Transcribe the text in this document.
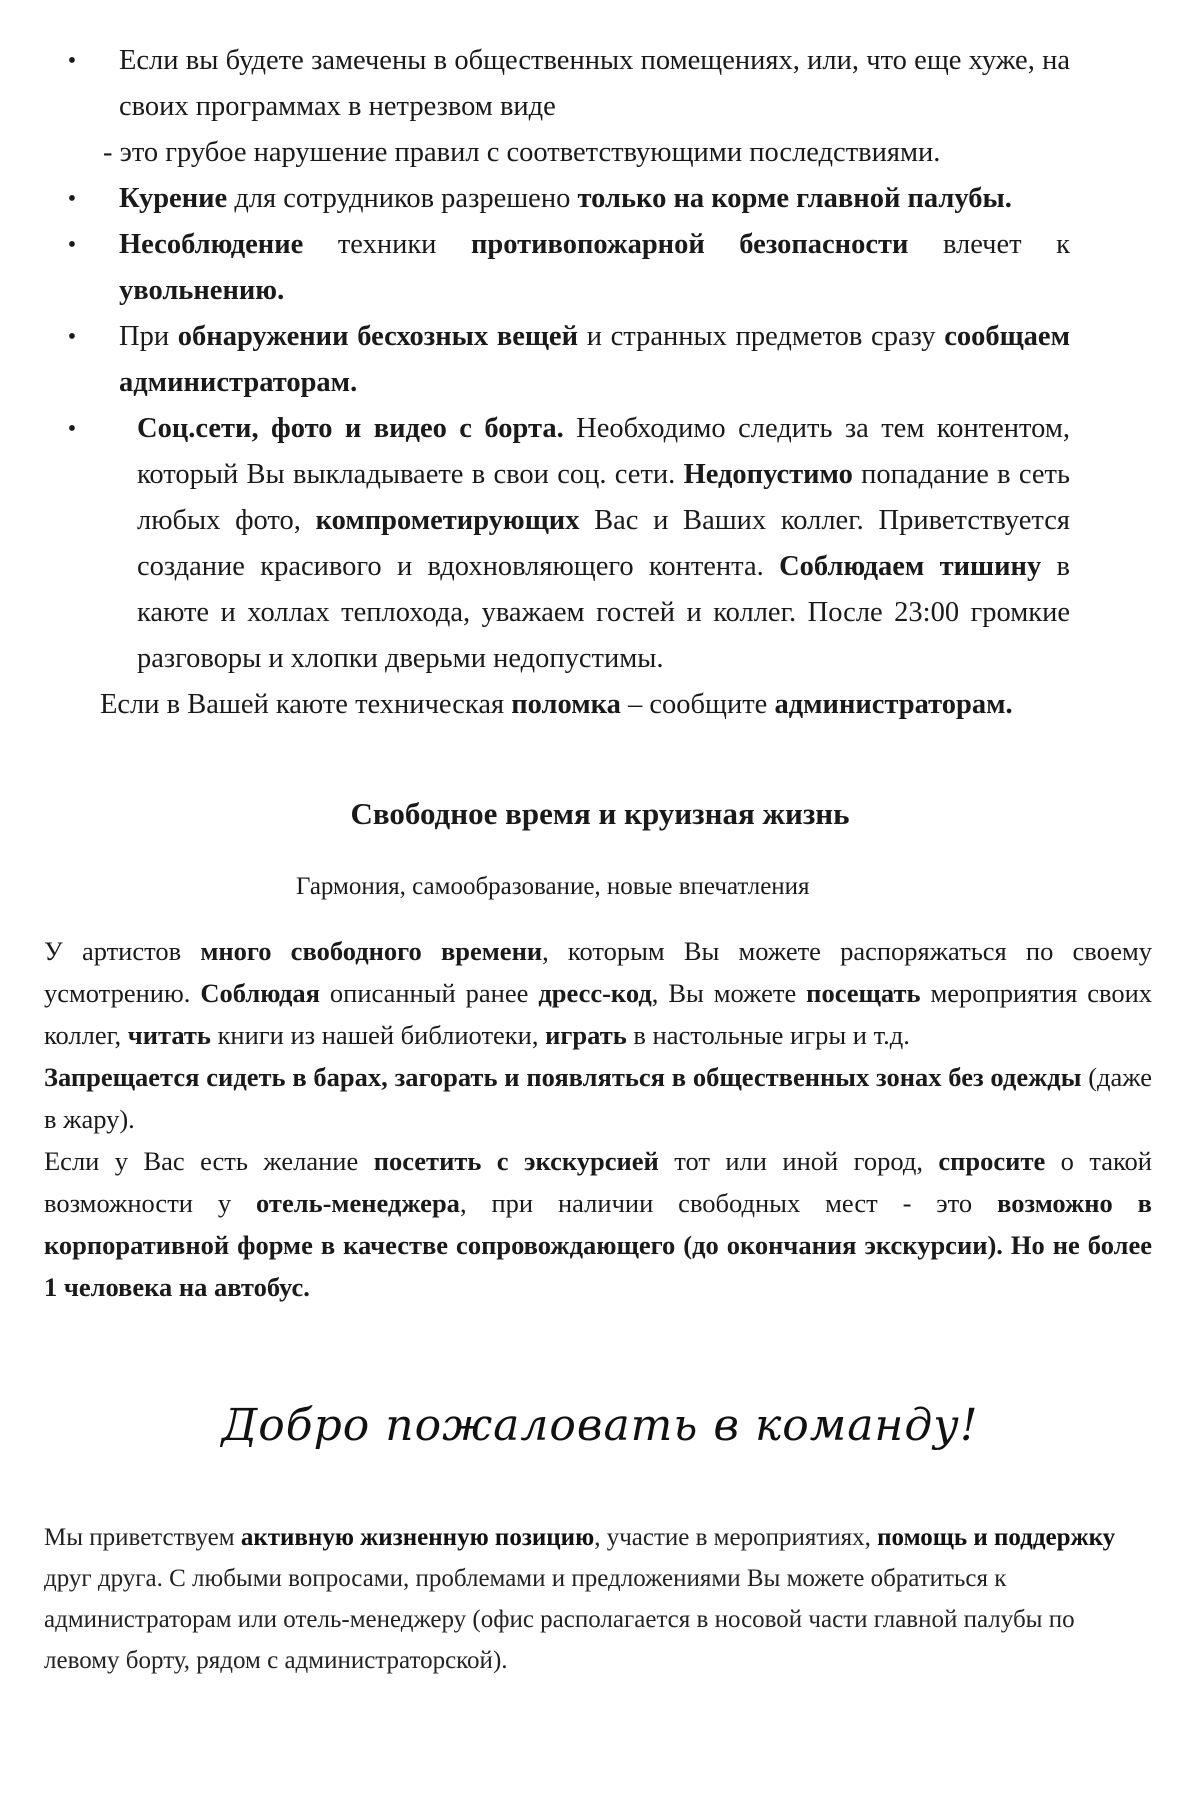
•	Если вы будете замечены в общественных помещениях, или, что еще хуже, на своих программах в нетрезвом виде
- это грубое нарушение правил с соответствующими последствиями.
• Курение для сотрудников разрешено только на корме главной палубы.
• Несоблюдение техники противопожарной безопасности влечет к увольнению.
• При обнаружении бесхозных вещей и странных предметов сразу сообщаем администраторам.
• Соц.сети, фото и видео с борта. Необходимо следить за тем контентом, который Вы выкладываете в свои соц. сети. Недопустимо попадание в сеть любых фото, компрометирующих Вас и Ваших коллег. Приветствуется создание красивого и вдохновляющего контента. Соблюдаем тишину в каюте и холлах теплохода, уважаем гостей и коллег. После 23:00 громкие разговоры и хлопки дверьми недопустимы.
Если в Вашей каюте техническая поломка – сообщите администраторам.
Свободное время и круизная жизнь
Гармония, самообразование, новые впечатления
У артистов много свободного времени, которым Вы можете распоряжаться по своему усмотрению. Соблюдая описанный ранее дресс-код, Вы можете посещать мероприятия своих коллег, читать книги из нашей библиотеки, играть в настольные игры и т.д.
Запрещается сидеть в барах, загорать и появляться в общественных зонах без одежды (даже в жару).
Если у Вас есть желание посетить с экскурсией тот или иной город, спросите о такой возможности у отель-менеджера, при наличии свободных мест - это возможно в корпоративной форме в качестве сопровождающего (до окончания экскурсии). Но не более 1 человека на автобус.
Добро пожаловать в команду!
Мы приветствуем активную жизненную позицию, участие в мероприятиях, помощь и поддержку друг друга. С любыми вопросами, проблемами и предложениями Вы можете обратиться к администраторам или отель-менеджеру (офис располагается в носовой части главной палубы по левому борту, рядом с администраторской).
